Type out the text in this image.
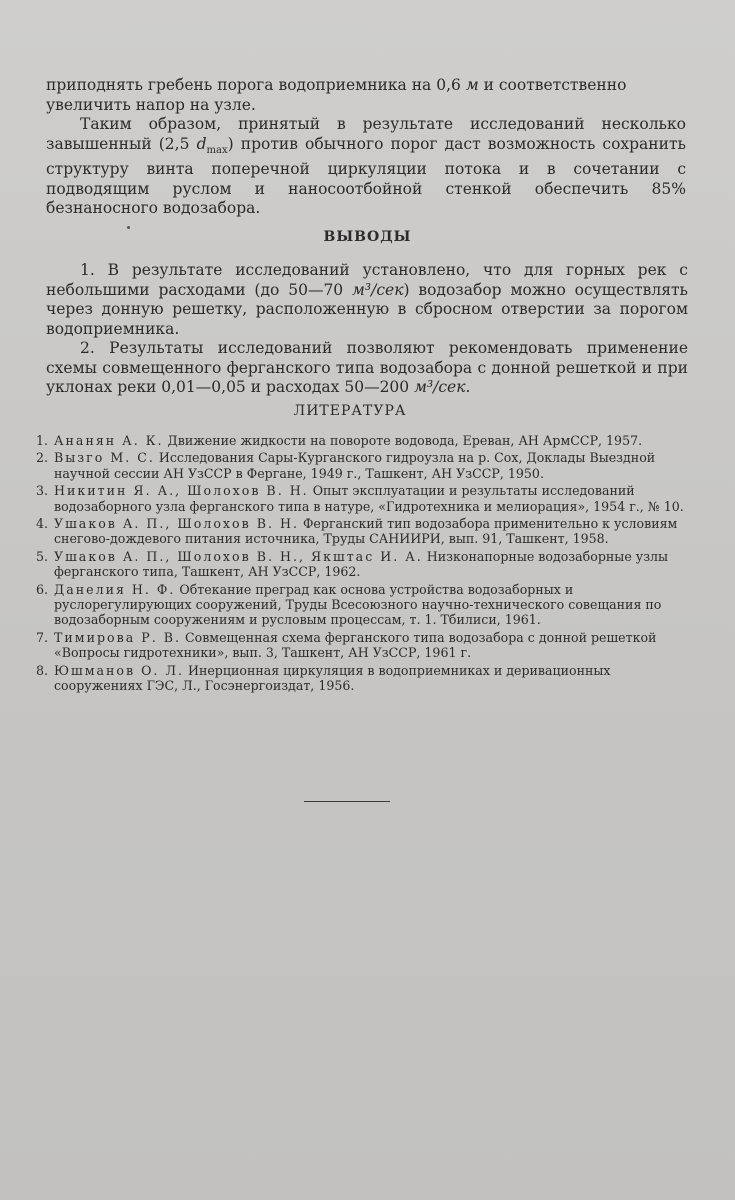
приподнять гребень порога водоприемника на 0,6 м и соответственно
увеличить напор на узле.

Таким образом, принятый в результате исследований несколько завышенный (2,5 $d_{max}$) против обычного порог даст возможность сохранить структуру винта поперечной циркуляции потока и в сочетании с подводящим руслом и наносоотбойной стенкой обеспечить 85% безнаносного водозабора.

ВЫВОДЫ

1. В результате исследований установлено, что для горных рек с небольшими расходами (до 50—70 м³/сек) водозабор можно осуществлять через донную решетку, расположенную в сбросном отверстии за порогом водоприемника.

2. Результаты исследований позволяют рекомендовать применение схемы совмещенного ферганского типа водозабора с донной решеткой и при уклонах реки 0,01—0,05 и расходах 50—200 м³/сек.

ЛИТЕРАТУРА
1. Ананян А. К. Движение жидкости на повороте водовода, Ереван, АН АрмССР, 1957.
2. Вызго М. С. Исследования Сары-Курганского гидроузла на р. Сох, Доклады Выездной научной сессии АН УзССР в Фергане, 1949 г., Ташкент, АН УзССР, 1950.
3. Никитин Я. А., Шолохов В. Н. Опыт эксплуатации и результаты исследований водозаборного узла ферганского типа в натуре, «Гидротехника и мелиорация», 1954 г., № 10.
4. Ушаков А. П., Шолохов В. Н. Ферганский тип водозабора применительно к условиям снегово-дождевого питания источника, Труды САНИИРИ, вып. 91, Ташкент, 1958.
5. Ушаков А. П., Шолохов В. Н., Якштас И. А. Низконапорные водозаборные узлы ферганского типа, Ташкент, АН УзССР, 1962.
6. Данелия Н. Ф. Обтекание преград как основа устройства водозаборных и руслорегулирующих сооружений, Труды Всесоюзного научно-технического совещания по водозаборным сооружениям и русловым процессам, т. 1. Тбилиси, 1961.
7. Тимирова Р. В. Совмещенная схема ферганского типа водозабора с донной решеткой «Вопросы гидротехники», вып. 3, Ташкент, АН УзССР, 1961 г.
8. Юшманов О. Л. Инерционная циркуляция в водоприемниках и деривационных сооружениях ГЭС, Л., Госэнергоиздат, 1956.
